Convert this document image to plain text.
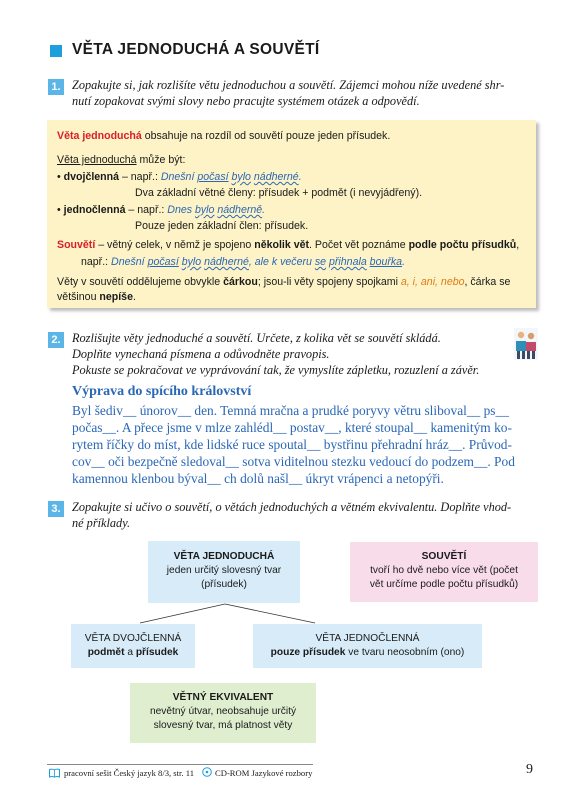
VĚTA JEDNODUCHÁ A SOUVĚTÍ
1. Zopakujte si, jak rozlišíte větu jednoduchou a souvětí. Zájemci mohou níže uvedené shr-
nutí zopakovat svými slovy nebo pracujte systémem otázek a odpovědí.
Věta jednoduchá obsahuje na rozdíl od souvětí pouze jeden přísudek.
Věta jednoduchá může být:
• dvojčlenná – např.: Dnešní počasí bylo nádherné.
Dva základní větné členy: přísudek + podmět (i nevyjádřený).
• jednočlenná – např.: Dnes bylo nádherně.
Pouze jeden základní člen: přísudek.
Souvětí – větný celek, v němž je spojeno několik vět. Počet vět poznáme podle počtu přísudků,
např.: Dnešní počasí bylo nádherné, ale k večeru se přihnala bouřka.
Věty v souvětí oddělujeme obvykle čárkou; jsou-li věty spojeny spojkami a, i, ani, nebo, čárka se
většinou nepíše.
2. Rozlišujte věty jednoduché a souvětí. Určete, z kolika vět se souvětí skládá.
Doplňte vynechaná písmena a odůvodněte pravopis.
Pokuste se pokračovat ve vyprávování tak, že vymyslíte zápletku, rozuzlení a závěr.
Výprava do spícího království
Byl šediv__ únorov__ den. Temná mračna a prudké poryvy větru sliboval__ ps__
počas__. A přece jsme v mlze zahlédl__ postav__, které stoupal__ kamenitým ko-
rytem říčky do míst, kde lidské ruce spoutal__ bystřinu přehradní hráz__. Průvod-
cov__ oči bezpečně sledoval__ sotva viditelnou stezku vedoucí do podzem__. Pod
kamennou klenbou býval__ ch dolů našl__ úkryt vrápenci a netopýři.
3. Zopakujte si učivo o souvětí, o větách jednoduchých a větném ekvivalentu. Doplňte vhod-
né příklady.
VĚTA JEDNODUCHÁ
jeden určitý slovesný tvar
(přísudek)
SOUVĚTÍ
tvoří ho dvě nebo více vět (počet
vět určíme podle počtu přísudků)
VĚTA DVOJČLENNÁ
podmět a přísudek
VĚTA JEDNOČLENNÁ
pouze přísudek ve tvaru neosobním (ono)
VĚTNÝ EKVIVALENT
nevětný útvar, neobsahuje určitý
slovesný tvar, má platnost věty
pracovní sešit Český jazyk 8/3, str. 11 CD-ROM Jazykové rozbory	9
